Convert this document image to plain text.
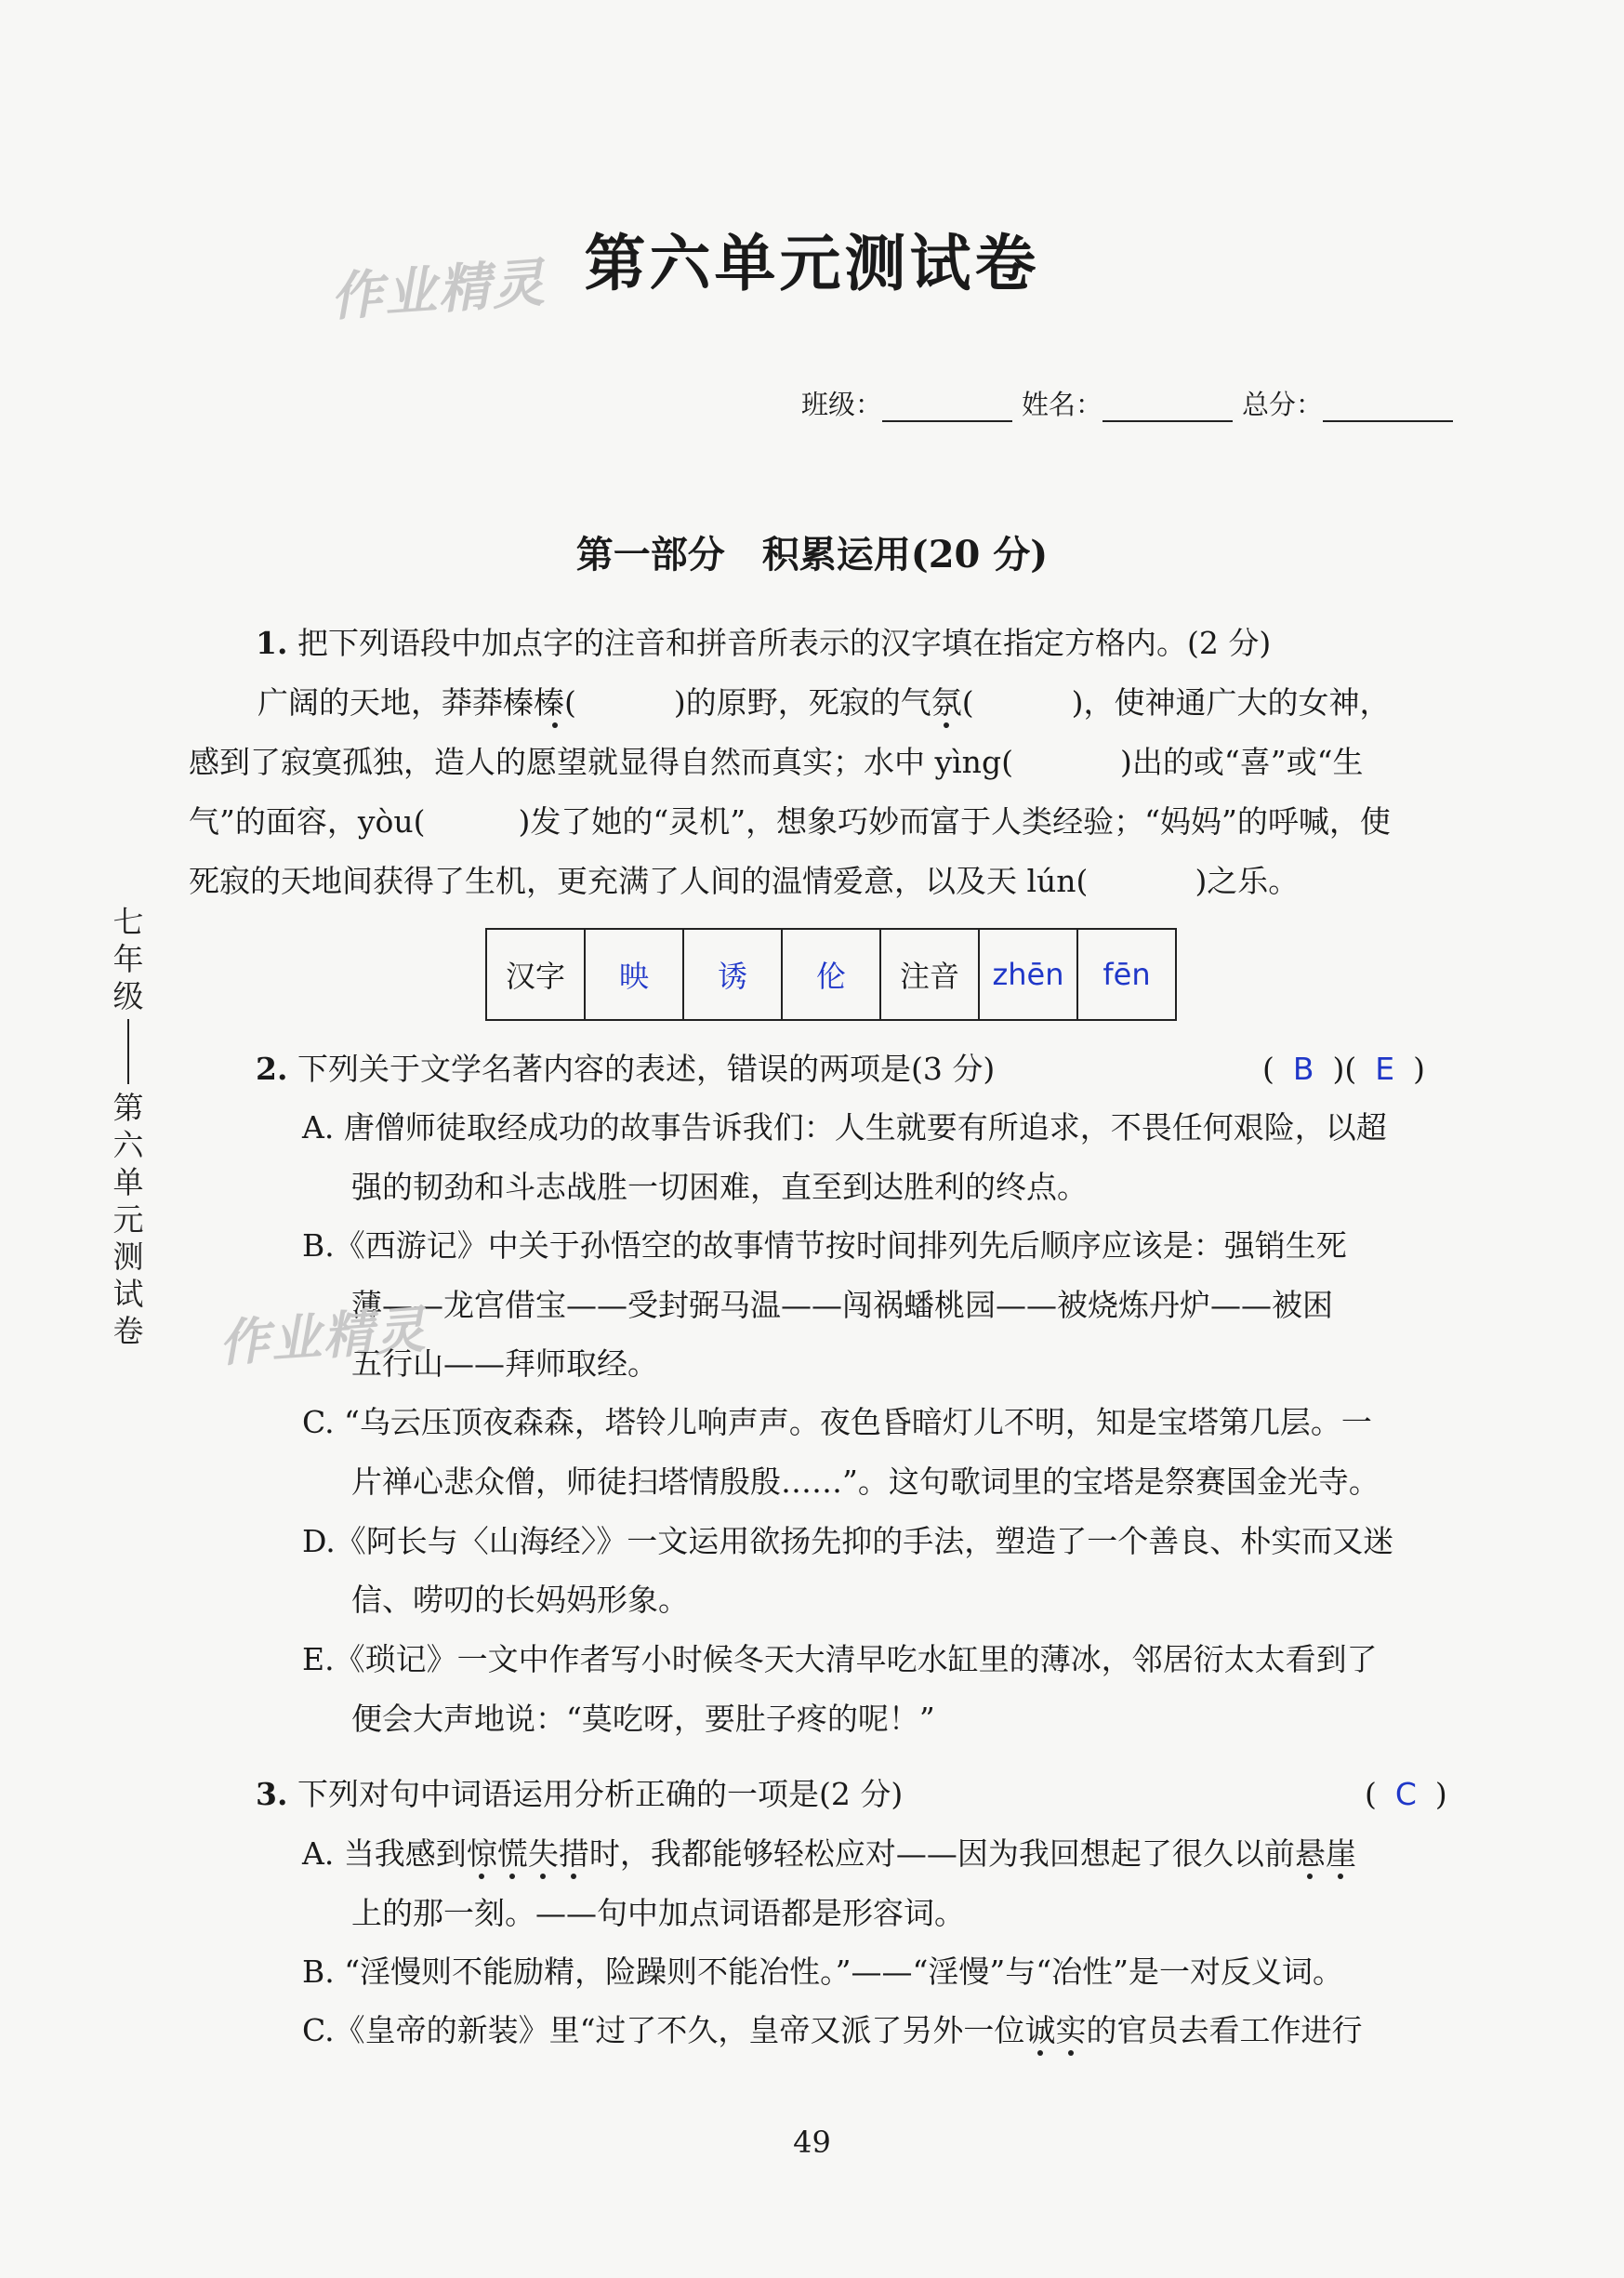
作业精灵 第六单元测试卷
班级：	姓名：	总分：
第一部分　积累运用(20 分)
七年级
第六单元测试卷
1. 把下列语段中加点字的注音和拼音所表示的汉字填在指定方格内。(2 分)
广阔的天地，莽莽榛榛(	)的原野，死寂的气氛(	)，使神通广大的女神，
感到了寂寞孤独，造人的愿望就显得自然而真实；水中 yìng(	)出的或“喜”或“生
气”的面容，yòu(	)发了她的“灵机”，想象巧妙而富于人类经验；“妈妈”的呼喊，使
死寂的天地间获得了生机，更充满了人间的温情爱意，以及天 lún(	)之乐。
汉字	映	诱	伦	注音	zhēn	fēn
2. 下列关于文学名著内容的表述，错误的两项是(3 分)	( B )( E )
A. 唐僧师徒取经成功的故事告诉我们：人生就要有所追求，不畏任何艰险，以超
强的韧劲和斗志战胜一切困难，直至到达胜利的终点。
B.《西游记》中关于孙悟空的故事情节按时间排列先后顺序应该是：强销生死
薄——龙宫借宝——受封弼马温——闯祸蟠桃园——被烧炼丹炉——被困
作业精灵
五行山——拜师取经。
C. “乌云压顶夜森森，塔铃儿响声声。夜色昏暗灯儿不明，知是宝塔第几层。一
片禅心悲众僧，师徒扫塔情殷殷……”。这句歌词里的宝塔是祭赛国金光寺。
D.《阿长与〈山海经〉》一文运用欲扬先抑的手法，塑造了一个善良、朴实而又迷
信、唠叨的长妈妈形象。
E.《琐记》一文中作者写小时候冬天大清早吃水缸里的薄冰，邻居衍太太看到了
便会大声地说：“莫吃呀，要肚子疼的呢！”
3. 下列对句中词语运用分析正确的一项是(2 分)	( C )
A. 当我感到惊慌失措时，我都能够轻松应对——因为我回想起了很久以前悬崖
上的那一刻。——句中加点词语都是形容词。
B. “淫慢则不能励精，险躁则不能冶性。”——“淫慢”与“冶性”是一对反义词。
C.《皇帝的新装》里“过了不久，皇帝又派了另外一位诚实的官员去看工作进行
49
